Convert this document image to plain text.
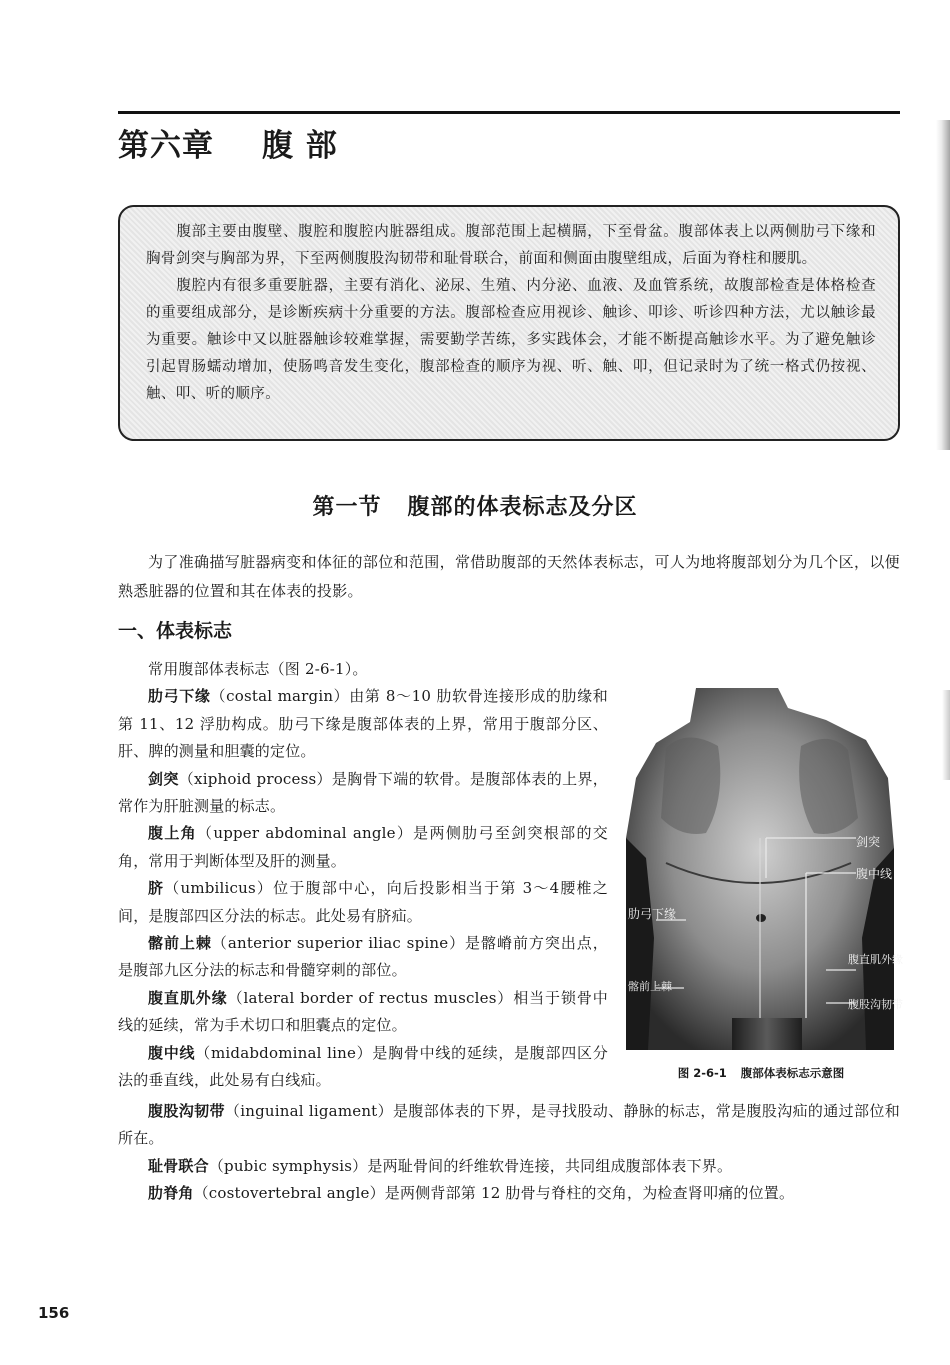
第六章 腹 部

腹部主要由腹壁、腹腔和腹腔内脏器组成。腹部范围上起横膈，下至骨盆。腹部体表上以两侧肋弓下缘和胸骨剑突与胸部为界，下至两侧腹股沟韧带和耻骨联合，前面和侧面由腹壁组成，后面为脊柱和腰肌。

腹腔内有很多重要脏器，主要有消化、泌尿、生殖、内分泌、血液、及血管系统，故腹部检查是体格检查的重要组成部分，是诊断疾病十分重要的方法。腹部检查应用视诊、触诊、叩诊、听诊四种方法，尤以触诊最为重要。触诊中又以脏器触诊较难掌握，需要勤学苦练，多实践体会，才能不断提高触诊水平。为了避免触诊引起胃肠蠕动增加，使肠鸣音发生变化，腹部检查的顺序为视、听、触、叩，但记录时为了统一格式仍按视、触、叩、听的顺序。

第一节 腹部的体表标志及分区

为了准确描写脏器病变和体征的部位和范围，常借助腹部的天然体表标志，可人为地将腹部划分为几个区，以便熟悉脏器的位置和其在体表的投影。

一、体表标志

常用腹部体表标志（图 2-6-1）。

肋弓下缘（costal margin）由第 8～10 肋软骨连接形成的肋缘和第 11、12 浮肋构成。肋弓下缘是腹部体表的上界，常用于腹部分区、肝、脾的测量和胆囊的定位。

剑突（xiphoid process）是胸骨下端的软骨。是腹部体表的上界，常作为肝脏测量的标志。

腹上角（upper abdominal angle）是两侧肋弓至剑突根部的交角，常用于判断体型及肝的测量。

脐（umbilicus）位于腹部中心，向后投影相当于第 3～4腰椎之间，是腹部四区分法的标志。此处易有脐疝。

髂前上棘（anterior superior iliac spine）是髂嵴前方突出点，是腹部九区分法的标志和骨髓穿刺的部位。

腹直肌外缘（lateral border of rectus muscles）相当于锁骨中线的延续，常为手术切口和胆囊点的定位。

腹中线（midabdominal line）是胸骨中线的延续，是腹部四区分法的垂直线，此处易有白线疝。

剑突
腹中线
肋弓下缘
腹直肌外缘
髂前上棘
腹股沟韧带
图 2-6-1 腹部体表标志示意图

腹股沟韧带（inguinal ligament）是腹部体表的下界，是寻找股动、静脉的标志，常是腹股沟疝的通过部位和所在。

耻骨联合（pubic symphysis）是两耻骨间的纤维软骨连接，共同组成腹部体表下界。

肋脊角（costovertebral angle）是两侧背部第 12 肋骨与脊柱的交角，为检查肾叩痛的位置。

156
